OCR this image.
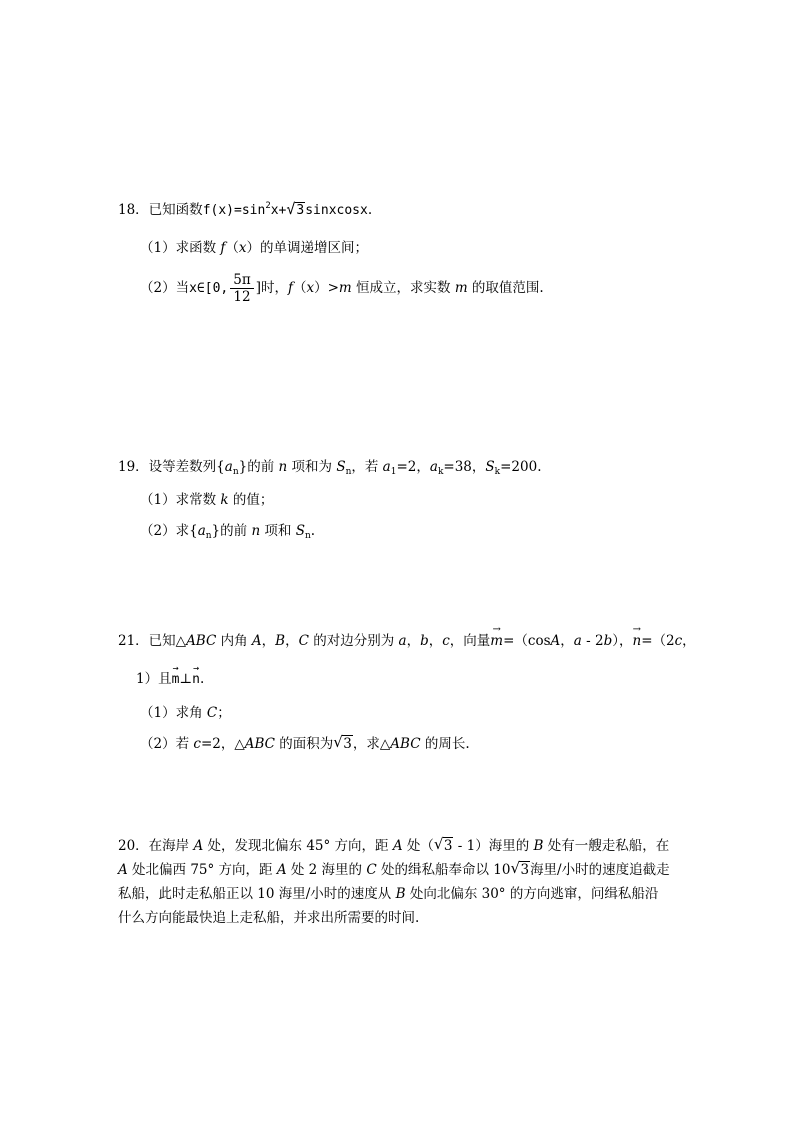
18．已知函数$f(x)=\sin^2x+√$ 3sinxcosx.
（1）求函数 f（x）的单调递增区间；
（2）当x∈[0, $\frac{5\pi}{12}$ ]时，f（x）>m 恒成立，求实数 m 的取值范围.
19．设等差数列$\{a_n\}$的前 n 项和为 $S_n$，若 $a_1=2$，$a_k=38$，$S_k=200$.
（1）求常数 k 的值；
（2）求$\{a_n\}$的前 n 项和 $S_n$.
21．已知△ABC 内角 A，B，C 的对边分别为 a，b，c，向量→ m=（cosA，a - 2b），→ n=（2c，
1）且→ m⊥→ n.
（1）求角 C；
（2）若 c=2，△ABC 的面积为√ 3，求△ABC 的周长.
20．在海岸 A 处，发现北偏东 45° 方向，距 A 处（√ 3 - 1）海里的 B 处有一艘走私船，在
A 处北偏西 75° 方向，距 A 处 2 海里的 C 处的缉私船奉命以 10√ 3海里/小时的速度追截走
私船，此时走私船正以 10 海里/小时的速度从 B 处向北偏东 30° 的方向逃窜，问缉私船沿
什么方向能最快追上走私船，并求出所需要的时间.
